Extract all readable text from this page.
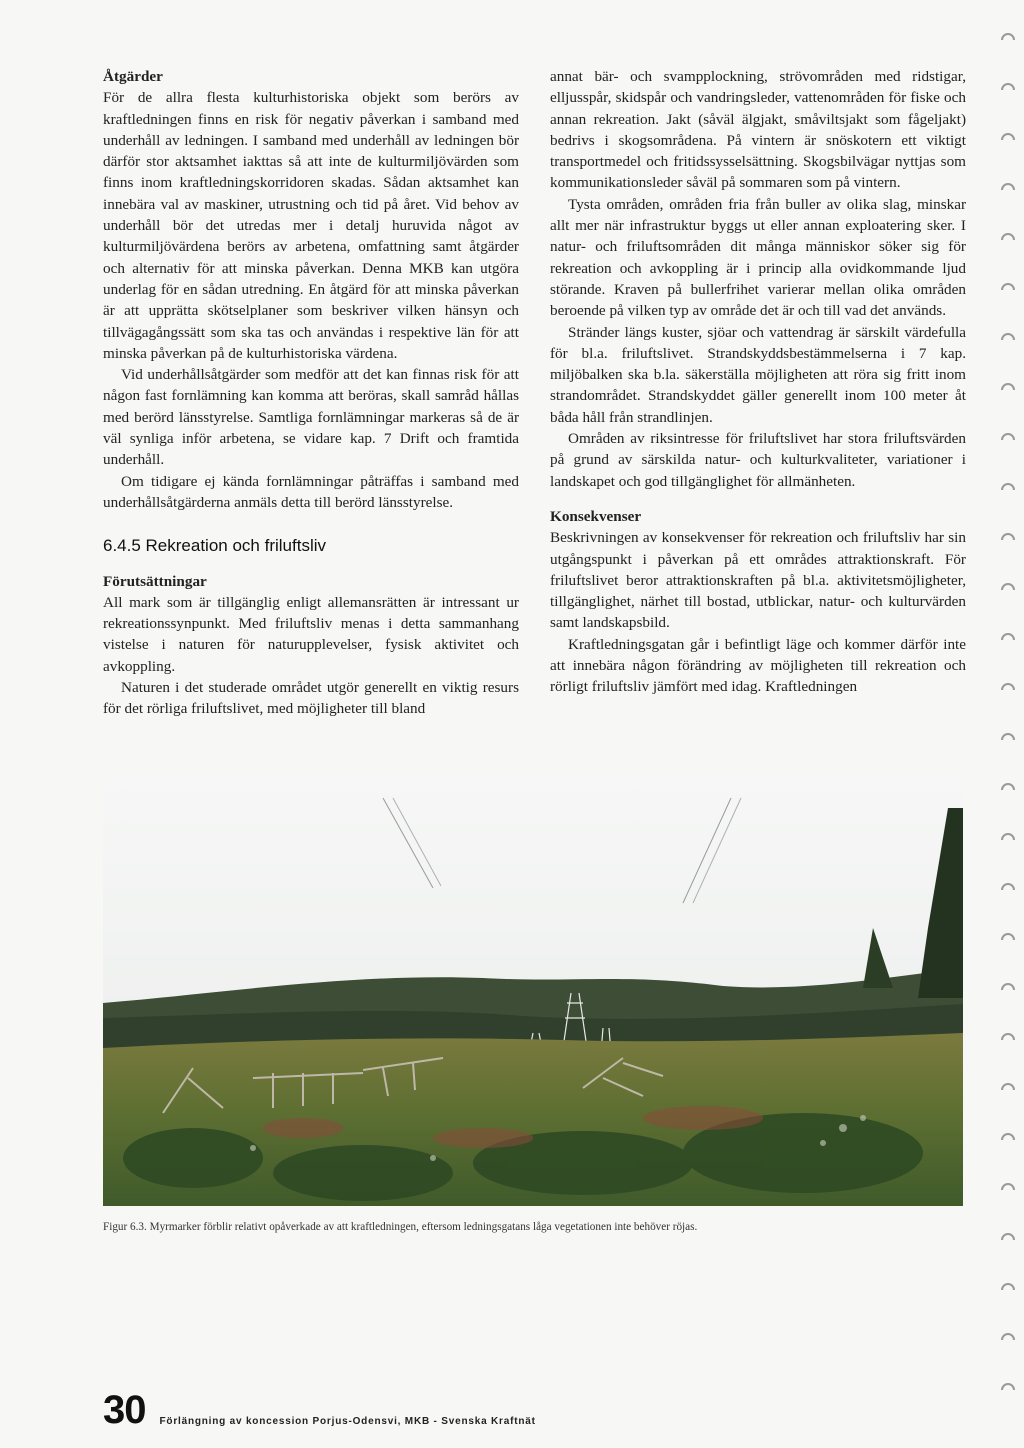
Åtgärder

För de allra flesta kulturhistoriska objekt som berörs av kraftledningen finns en risk för negativ påverkan i samband med underhåll av ledningen. I samband med underhåll av ledningen bör därför stor aktsamhet iakttas så att inte de kulturmiljövärden som finns inom kraftledningskorridoren skadas. Sådan aktsamhet kan innebära val av maskiner, utrustning och tid på året. Vid behov av underhåll bör det utredas mer i detalj huruvida något av kulturmiljövärdena berörs av arbetena, omfattning samt åtgärder och alternativ för att minska påverkan. Denna MKB kan utgöra underlag för en sådan utredning. En åtgärd för att minska påverkan är att upprätta skötselplaner som beskriver vilken hänsyn och tillvägagångssätt som ska tas och användas i respektive län för att minska påverkan på de kulturhistoriska värdena.

Vid underhållsåtgärder som medför att det kan finnas risk för att någon fast fornlämning kan komma att beröras, skall samråd hållas med berörd länsstyrelse. Samtliga fornlämningar markeras så de är väl synliga inför arbetena, se vidare kap. 7 Drift och framtida underhåll.

Om tidigare ej kända fornlämningar påträffas i samband med underhållsåtgärderna anmäls detta till berörd länsstyrelse.

6.4.5 Rekreation och friluftsliv

Förutsättningar

All mark som är tillgänglig enligt allemansrätten är intressant ur rekreationssynpunkt. Med friluftsliv menas i detta sammanhang vistelse i naturen för naturupplevelser, fysisk aktivitet och avkoppling.

Naturen i det studerade området utgör generellt en viktig resurs för det rörliga friluftslivet, med möjligheter till bland

annat bär- och svampplockning, strövområden med ridstigar, elljusspår, skidspår och vandringsleder, vattenområden för fiske och annan rekreation. Jakt (såväl älgjakt, småviltsjakt som fågeljakt) bedrivs i skogsområdena. På vintern är snöskotern ett viktigt transportmedel och fritidssysselsättning. Skogsbilvägar nyttjas som kommunikationsleder såväl på sommaren som på vintern.

Tysta områden, områden fria från buller av olika slag, minskar allt mer när infrastruktur byggs ut eller annan exploatering sker. I natur- och friluftsområden dit många människor söker sig för rekreation och avkoppling är i princip alla ovidkommande ljud störande. Kraven på bullerfrihet varierar mellan olika områden beroende på vilken typ av område det är och till vad det används.

Stränder längs kuster, sjöar och vattendrag är särskilt värdefulla för bl.a. friluftslivet. Strandskyddsbestämmelserna i 7 kap. miljöbalken ska b.la. säkerställa möjligheten att röra sig fritt inom strandområdet. Strandskyddet gäller generellt inom 100 meter åt båda håll från strandlinjen.

Områden av riksintresse för friluftslivet har stora friluftsvärden på grund av särskilda natur- och kulturkvaliteter, variationer i landskapet och god tillgänglighet för allmänheten.

Konsekvenser

Beskrivningen av konsekvenser för rekreation och friluftsliv har sin utgångspunkt i påverkan på ett områdes attraktionskraft. För friluftslivet beror attraktionskraften på bl.a. aktivitetsmöjligheter, tillgänglighet, närhet till bostad, utblickar, natur- och kulturvärden samt landskapsbild.

Kraftledningsgatan går i befintligt läge och kommer därför inte att innebära någon förändring av möjligheten till rekreation och rörligt friluftsliv jämfört med idag. Kraftledningen

Figur 6.3. Myrmarker förblir relativt opåverkade av att kraftledningen, eftersom ledningsgatans låga vegetationen inte behöver röjas.
30 Förlängning av koncession Porjus-Odensvi, MKB - Svenska Kraftnät
